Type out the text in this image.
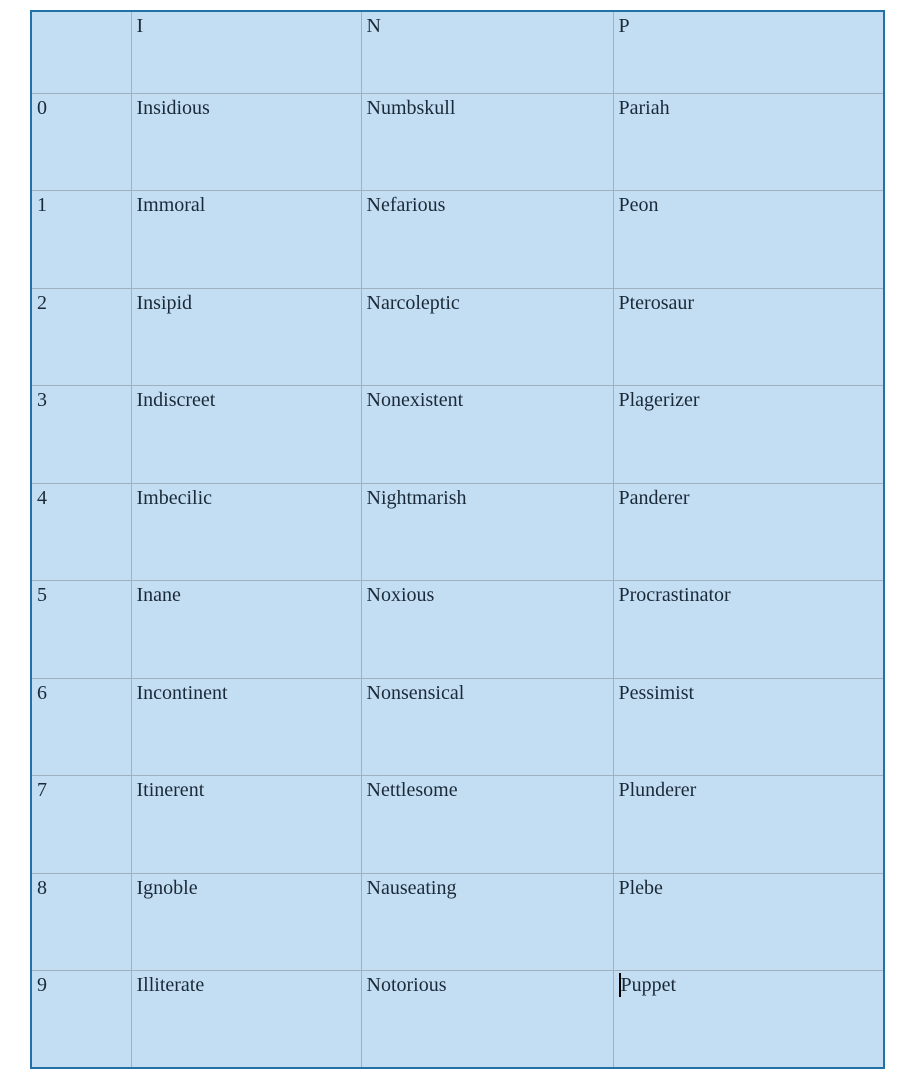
	I	N	P
0	Insidious	Numbskull	Pariah
1	Immoral	Nefarious	Peon
2	Insipid	Narcoleptic	Pterosaur
3	Indiscreet	Nonexistent	Plagerizer
4	Imbecilic	Nightmarish	Panderer
5	Inane	Noxious	Procrastinator
6	Incontinent	Nonsensical	Pessimist
7	Itinerent	Nettlesome	Plunderer
8	Ignoble	Nauseating	Plebe
9	Illiterate	Notorious	Puppet
